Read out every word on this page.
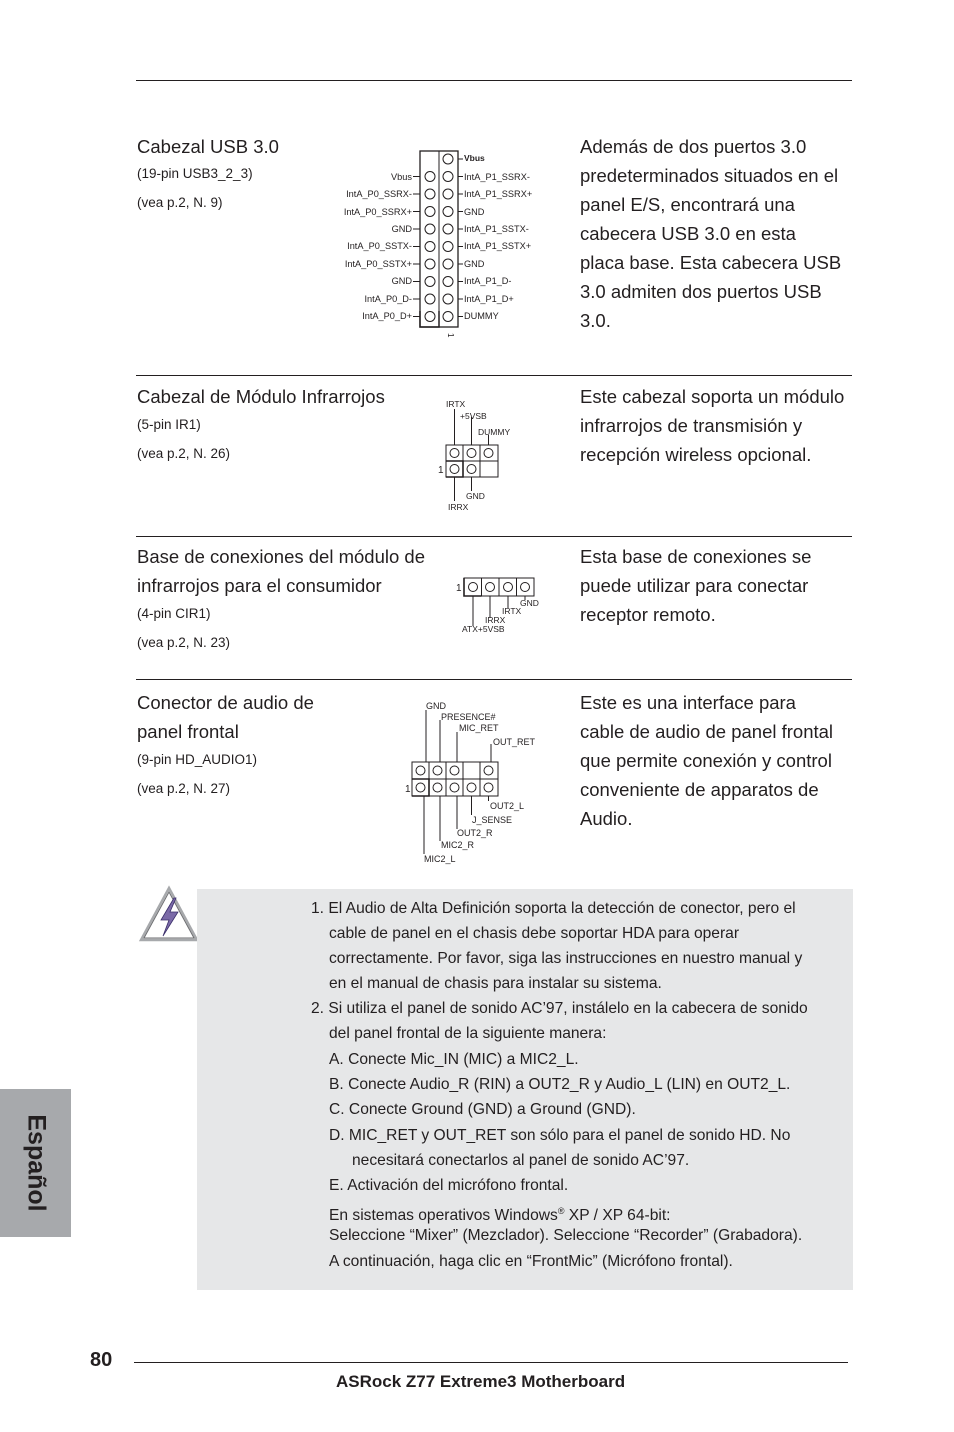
Cabezal USB 3.0
(19-pin USB3_2_3)
(vea p.2, N. 9)
Además de dos puertos 3.0
predeterminados situados en el
panel E/S, encontrará una
cabecera USB 3.0 en esta
placa base. Esta cabecera USB
3.0 admiten dos puertos USB
3.0.
Vbus
IntA_P0_SSRX-
IntA_P0_SSRX+
GND
IntA_P0_SSTX-
IntA_P0_SSTX+
GND
IntA_P0_D-
IntA_P0_D+
Vbus
IntA_P1_SSRX-
IntA_P1_SSRX+
GND
IntA_P1_SSTX-
IntA_P1_SSTX+
GND
IntA_P1_D-
IntA_P1_D+
DUMMY
1
Cabezal de Módulo Infrarrojos
(5-pin IR1)
(vea p.2, N. 26)
Este cabezal soporta un módulo
infrarrojos de transmisión y
recepción wireless opcional.
IRTX
+5VSB
DUMMY
GND
IRRX
1
Base de conexiones del módulo de
infrarrojos para el consumidor
(4-pin CIR1)
(vea p.2, N. 23)
Esta base de conexiones se
puede utilizar para conectar
receptor remoto.
1
GND
IRTX
IRRX
ATX+5VSB
Conector de audio de
panel frontal
(9-pin HD_AUDIO1)
(vea p.2, N. 27)
Este es una interface para
cable de audio de panel frontal
que permite conexión y control
conveniente de apparatos de
Audio.
GND
PRESENCE#
MIC_RET
OUT_RET
OUT2_L
J_SENSE
OUT2_R
MIC2_R
MIC2_L
1
1. El Audio de Alta Definición soporta la detección de conector, pero el
cable de panel en el chasis debe soportar HDA para operar
correctamente. Por favor, siga las instrucciones en nuestro manual y
en el manual de chasis para instalar su sistema.
2. Si utiliza el panel de sonido AC’97, instálelo en la cabecera de sonido
del panel frontal de la siguiente manera:
A. Conecte Mic_IN (MIC) a MIC2_L.
B. Conecte Audio_R (RIN) a OUT2_R y Audio_L (LIN) en OUT2_L.
C. Conecte Ground (GND) a Ground (GND).
D. MIC_RET y OUT_RET son sólo para el panel de sonido HD. No
necesitará conectarlos al panel de sonido AC’97.
E. Activación del micrófono frontal.
En sistemas operativos Windows® XP / XP 64-bit:
Seleccione “Mixer” (Mezclador). Seleccione “Recorder” (Grabadora).
A continuación, haga clic en “FrontMic” (Micrófono frontal).
Español
80
ASRock Z77 Extreme3 Motherboard
